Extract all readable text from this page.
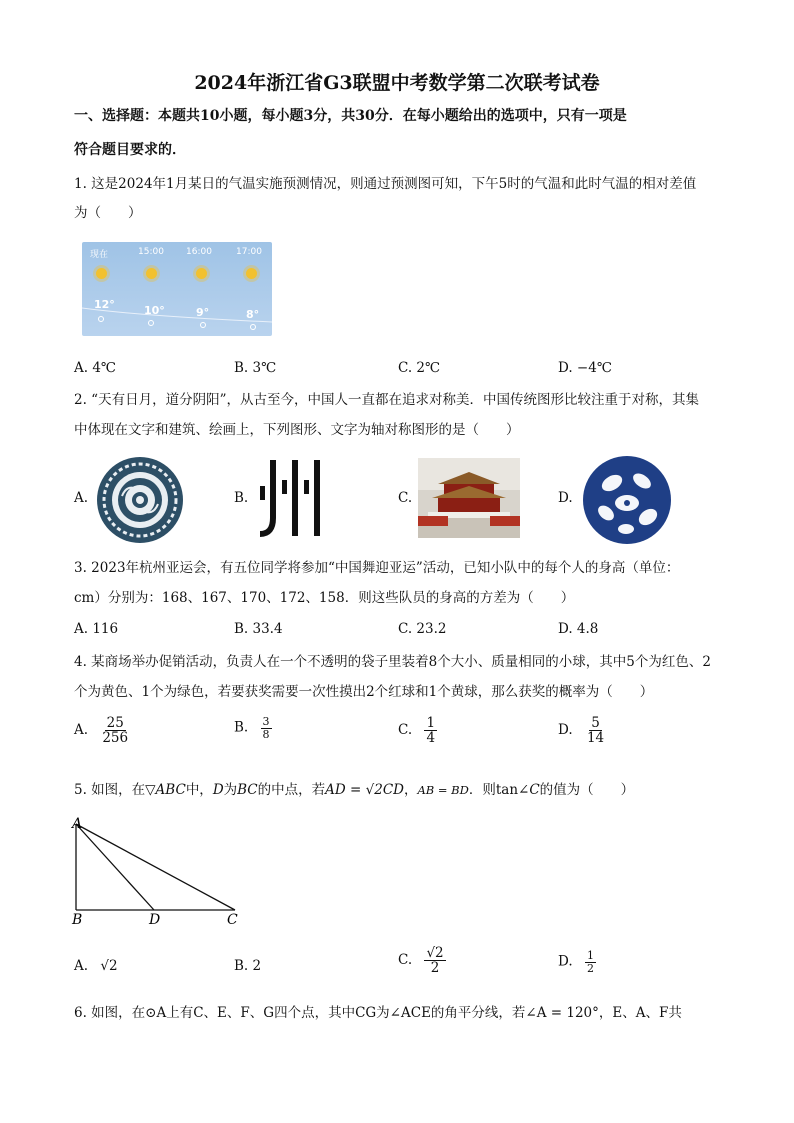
2024年浙江省G3联盟中考数学第二次联考试卷
一、选择题：本题共10小题，每小题3分，共30分．在每小题给出的选项中，只有一项是
符合题目要求的．
1. 这是2024年1月某日的气温实施预测情况，则通过预测图可知，下午5时的气温和此时气温的相对差值
为（　　）
现在	15:00 16:00	17:00
12°	10°	9°	8°
A. 4℃	B. 3℃	C. 2℃	D. −4℃
2. “天有日月，道分阴阳”，从古至今，中国人一直都在追求对称美．中国传统图形比较注重于对称，其集
中体现在文字和建筑、绘画上，下列图形、文字为轴对称图形的是（　　）
A.	B.	C.	D.
3. 2023年杭州亚运会，有五位同学将参加“中国舞迎亚运”活动，已知小队中的每个人的身高（单位：
cm）分别为：168、167、170、172、158．则这些队员的身高的方差为（　　）
A. 116	B. 33.4	C. 23.2	D. 4.8
4. 某商场举办促销活动，负责人在一个不透明的袋子里装着8个大小、质量相同的小球，其中5个为红色、2
个为黄色、1个为绿色，若要获奖需要一次性摸出2个红球和1个黄球，那么获奖的概率为（　　）
A. $\frac{25}{256}$	B. $\frac{3}{8}$	C. $\frac{1}{4}$	D. $\frac{5}{14}$
5. 如图，在▽ABC中，D为BC的中点，若AD = √2CD，AB = BD．则tan∠C的值为（　　）
A
B	D	C
A. √2	B. 2	C. $\frac{√2}{2}$	D. $\frac{1}{2}$
6. 如图，在⊙A上有C、E、F、G四个点，其中CG为∠ACE的角平分线，若∠A = 120°，E、A、F共
